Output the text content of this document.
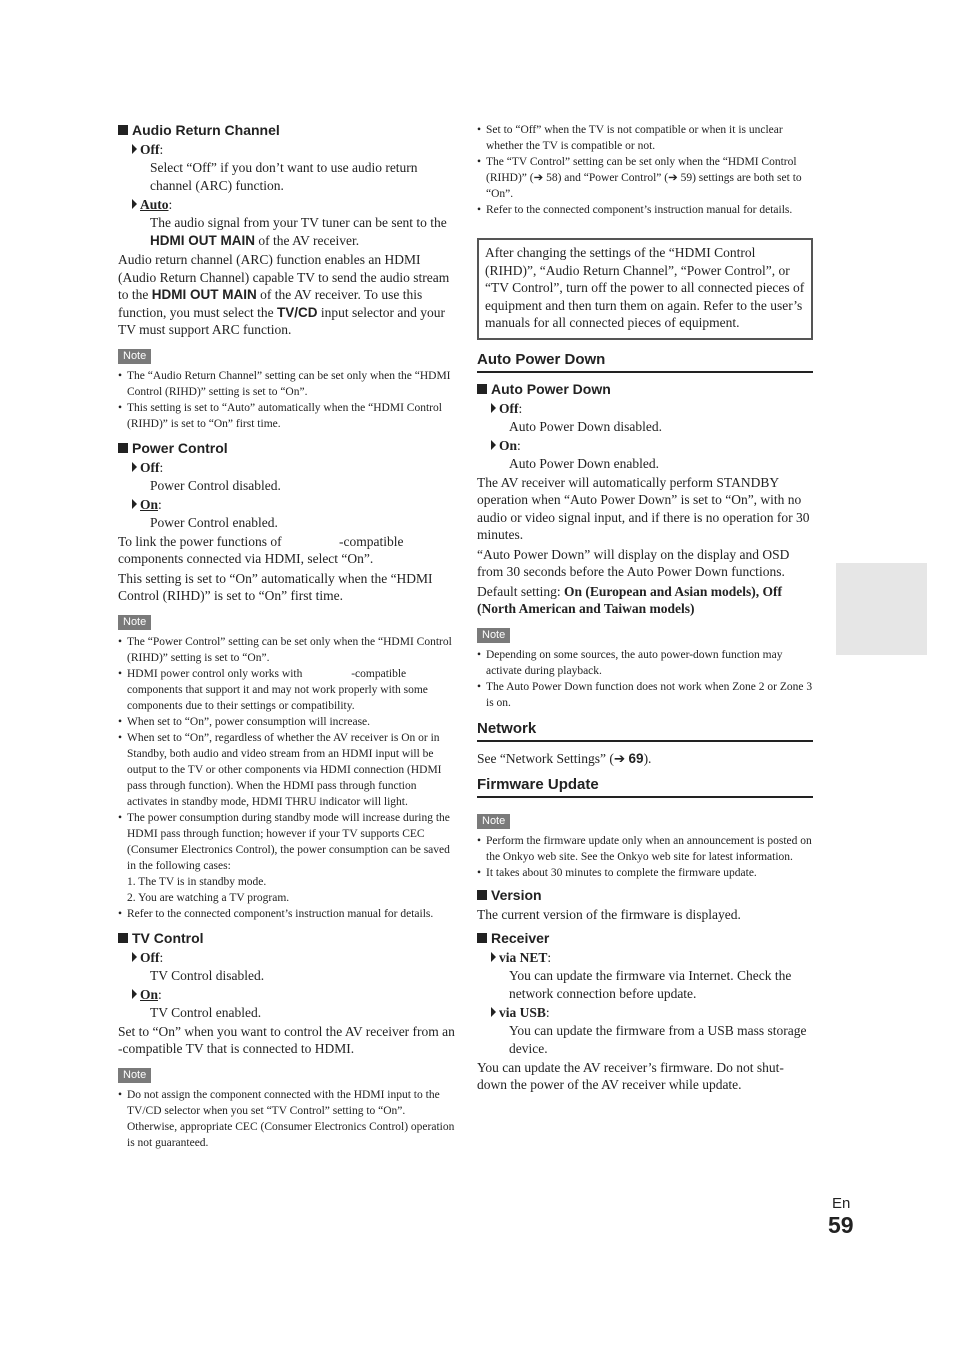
Audio Return Channel
Off:
Select “Off” if you don’t want to use audio return channel (ARC) function.
Auto:
The audio signal from your TV tuner can be sent to the HDMI OUT MAIN of the AV receiver.
Audio return channel (ARC) function enables an HDMI (Audio Return Channel) capable TV to send the audio stream to the HDMI OUT MAIN of the AV receiver. To use this function, you must select the TV/CD input selector and your TV must support ARC function.
Note
• The “Audio Return Channel” setting can be set only when the “HDMI Control (RIHD)” setting is set to “On”.
• This setting is set to “Auto” automatically when the “HDMI Control (RIHD)” is set to “On” first time.
Power Control
Off:
Power Control disabled.
On:
Power Control enabled.
To link the power functions of                 -compatible components connected via HDMI, select “On”.
This setting is set to “On” automatically when the “HDMI Control (RIHD)” is set to “On” first time.
Note
• The “Power Control” setting can be set only when the “HDMI Control (RIHD)” setting is set to “On”.
• HDMI power control only works with                 -compatible components that support it and may not work properly with some components due to their settings or compatibility.
• When set to “On”, power consumption will increase.
• When set to “On”, regardless of whether the AV receiver is On or in Standby, both audio and video stream from an HDMI input will be output to the TV or other components via HDMI connection (HDMI pass through function). When the HDMI pass through function activates in standby mode, HDMI THRU indicator will light.
• The power consumption during standby mode will increase during the HDMI pass through function; however if your TV supports CEC (Consumer Electronics Control), the power consumption can be saved in the following cases:
1. The TV is in standby mode.
2. You are watching a TV program.
• Refer to the connected component’s instruction manual for details.
TV Control
Off:
TV Control disabled.
On:
TV Control enabled.
Set to “On” when you want to control the AV receiver from an                 -compatible TV that is connected to HDMI.
Note
• Do not assign the component connected with the HDMI input to the TV/CD selector when you set “TV Control” setting to “On”. Otherwise, appropriate CEC (Consumer Electronics Control) operation is not guaranteed.
• Set to “Off” when the TV is not compatible or when it is unclear whether the TV is compatible or not.
• The “TV Control” setting can be set only when the “HDMI Control (RIHD)” (➔ 58) and “Power Control” (➔ 59) settings are both set to “On”.
• Refer to the connected component’s instruction manual for details.
After changing the settings of the “HDMI Control (RIHD)”, “Audio Return Channel”, “Power Control”, or “TV Control”, turn off the power to all connected pieces of equipment and then turn them on again. Refer to the user’s manuals for all connected pieces of equipment.
Auto Power Down
Auto Power Down
Off:
Auto Power Down disabled.
On:
Auto Power Down enabled.
The AV receiver will automatically perform STANDBY operation when “Auto Power Down” is set to “On”, with no audio or video signal input, and if there is no operation for 30 minutes.
“Auto Power Down” will display on the display and OSD from 30 seconds before the Auto Power Down functions.
Default setting: On (European and Asian models), Off (North American and Taiwan models)
Note
• Depending on some sources, the auto power-down function may activate during playback.
• The Auto Power Down function does not work when Zone 2 or Zone 3 is on.
Network
See “Network Settings” (➔ 69).
Firmware Update
Note
• Perform the firmware update only when an announcement is posted on the Onkyo web site. See the Onkyo web site for latest information.
• It takes about 30 minutes to complete the firmware update.
Version
The current version of the firmware is displayed.
Receiver
via NET:
You can update the firmware via Internet. Check the network connection before update.
via USB:
You can update the firmware from a USB mass storage device.
You can update the AV receiver’s firmware. Do not shut-down the power of the AV receiver while update.
En
59
